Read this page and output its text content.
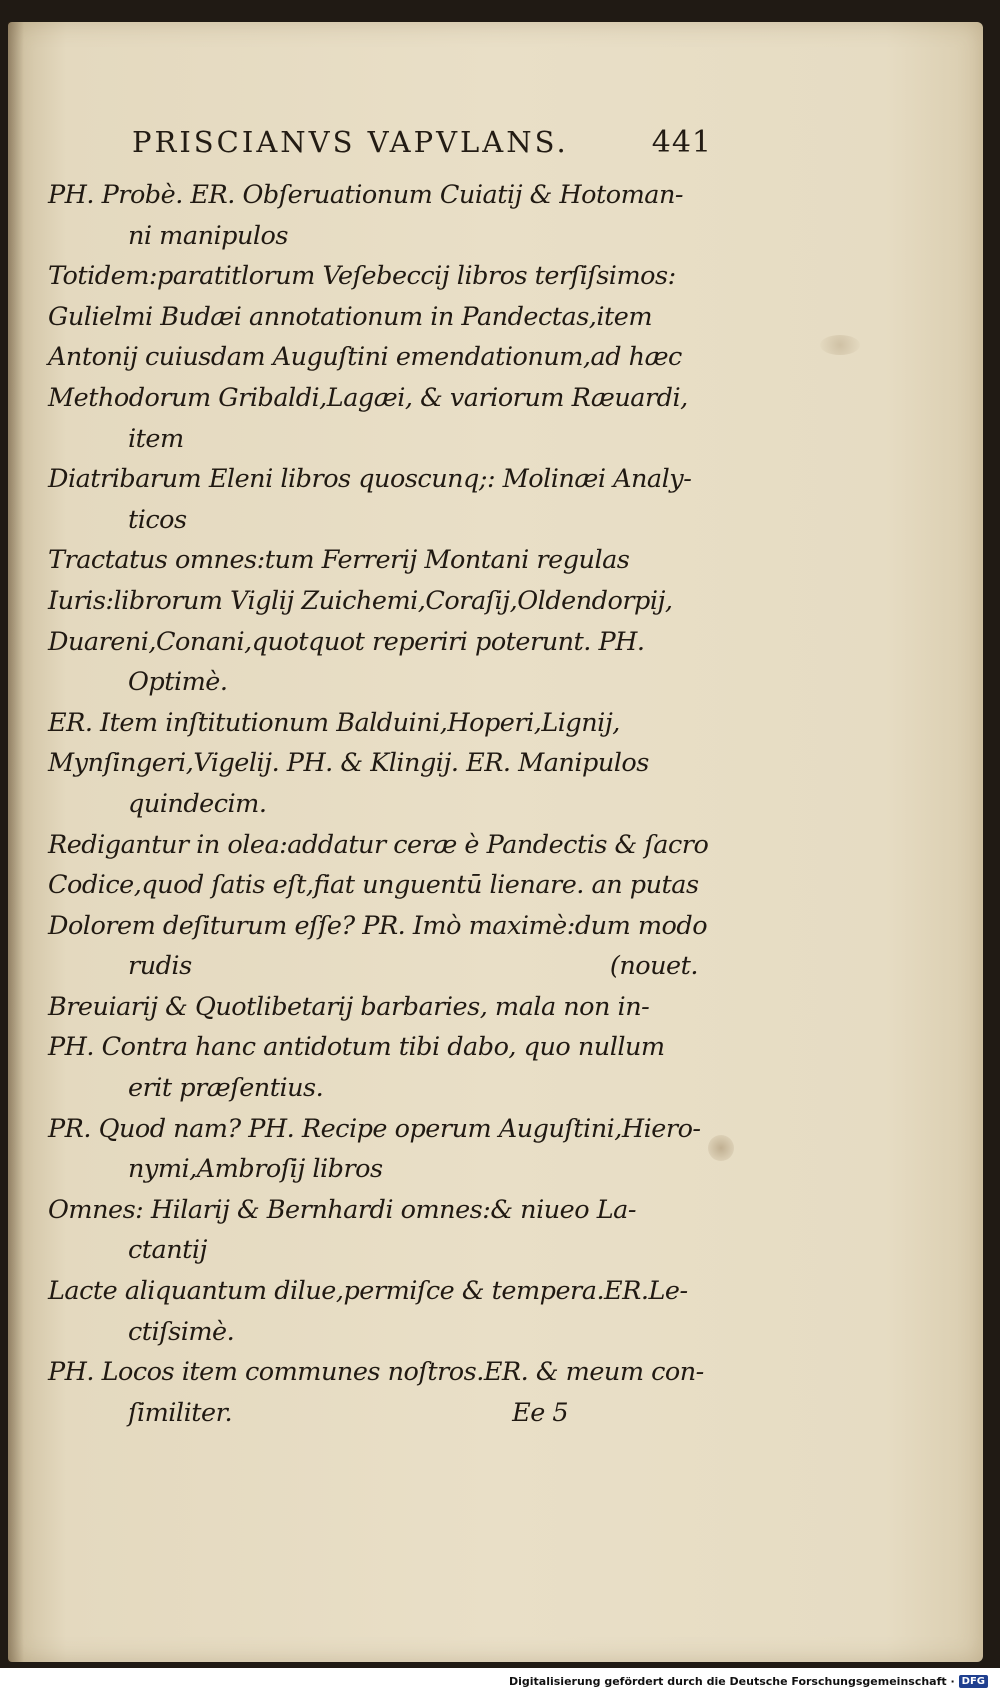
PRISCIANVS VAPVLANS.	441
PH. Probè. ER. Obſeruationum Cuiatij & Hotoman-
ni manipulos
Totidem:paratitlorum Veſebeccij libros terſiſsimos:
Gulielmi Budæi annotationum in Pandectas,item
Antonij cuiusdam Auguſtini emendationum,ad hæc
Methodorum Gribaldi,Lagæi, & variorum Ræuardi,
item
Diatribarum Eleni libros quoscunq;: Molinæi Analy-
ticos
Tractatus omnes:tum Ferrerij Montani regulas
Iuris:librorum Viglij Zuichemi,Coraſij,Oldendorpij,
Duareni,Conani,quotquot reperiri poterunt. PH.
Optimè.
ER. Item inſtitutionum Balduini,Hoperi,Lignij,
Mynſingeri,Vigelij. PH. & Klingij. ER. Manipulos
quindecim.
Redigantur in olea:addatur ceræ è Pandectis & ſacro
Codice,quod ſatis eſt,fiat unguentū lienare. an putas
Dolorem deſiturum eſſe? PR. Imò maximè:dum modo
rudis	(nouet.
Breuiarij & Quotlibetarij barbaries, mala non in-
PH. Contra hanc antidotum tibi dabo, quo nullum
erit præſentius.
PR. Quod nam? PH. Recipe operum Auguſtini,Hiero-
nymi,Ambroſij libros
Omnes: Hilarij & Bernhardi omnes:& niueo La-
ctantij
Lacte aliquantum dilue,permiſce & tempera.ER.Le-
ctiſsimè.
PH. Locos item communes noſtros.ER. & meum con-
ſimiliter.	Ee 5
Digitalisierung gefördert durch die Deutsche Forschungsgemeinschaft · DFG
